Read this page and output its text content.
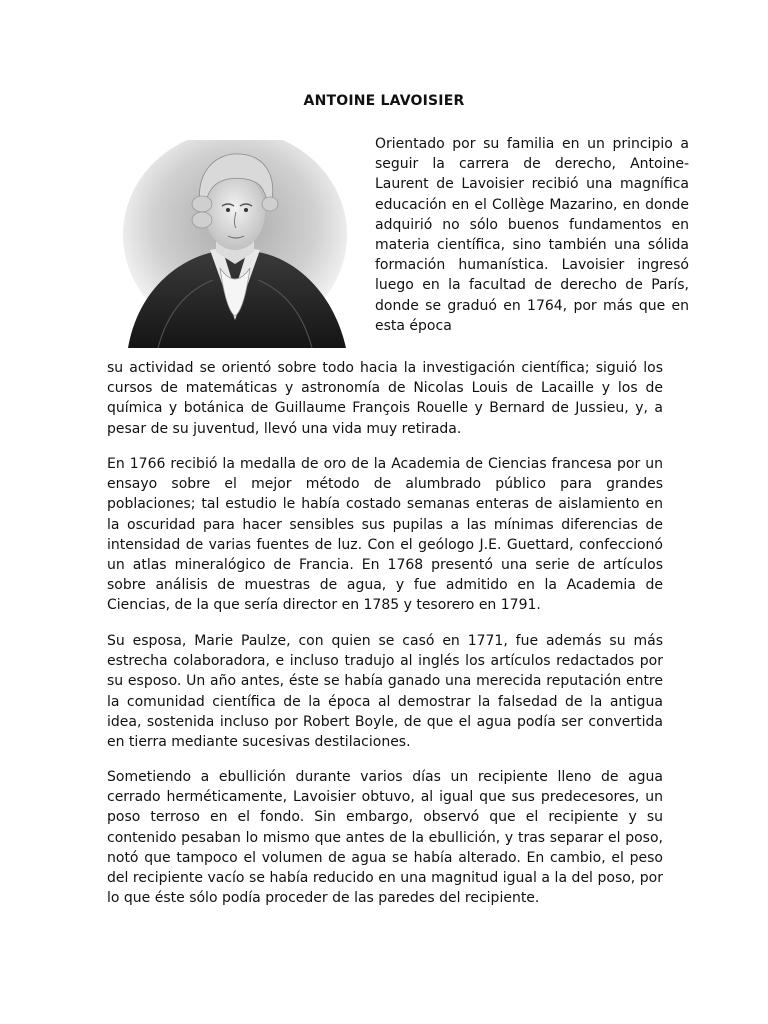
ANTOINE LAVOISIER
Orientado por su familia en un principio a seguir la carrera de derecho, Antoine-Laurent de Lavoisier recibió una magnífica educación en el Collège Mazarino, en donde adquirió no sólo buenos fundamentos en materia científica, sino también una sólida formación humanística. Lavoisier ingresó luego en la facultad de derecho de París, donde se graduó en 1764, por más que en esta época
su actividad se orientó sobre todo hacia la investigación científica; siguió los cursos de matemáticas y astronomía de Nicolas Louis de Lacaille y los de química y botánica de Guillaume François Rouelle y Bernard de Jussieu, y, a pesar de su juventud, llevó una vida muy retirada.
En 1766 recibió la medalla de oro de la Academia de Ciencias francesa por un ensayo sobre el mejor método de alumbrado público para grandes poblaciones; tal estudio le había costado semanas enteras de aislamiento en la oscuridad para hacer sensibles sus pupilas a las mínimas diferencias de intensidad de varias fuentes de luz. Con el geólogo J.E. Guettard, confeccionó un atlas mineralógico de Francia. En 1768 presentó una serie de artículos sobre análisis de muestras de agua, y fue admitido en la Academia de Ciencias, de la que sería director en 1785 y tesorero en 1791.
Su esposa, Marie Paulze, con quien se casó en 1771, fue además su más estrecha colaboradora, e incluso tradujo al inglés los artículos redactados por su esposo. Un año antes, éste se había ganado una merecida reputación entre la comunidad científica de la época al demostrar la falsedad de la antigua idea, sostenida incluso por Robert Boyle, de que el agua podía ser convertida en tierra mediante sucesivas destilaciones.
Sometiendo a ebullición durante varios días un recipiente lleno de agua cerrado herméticamente, Lavoisier obtuvo, al igual que sus predecesores, un poso terroso en el fondo. Sin embargo, observó que el recipiente y su contenido pesaban lo mismo que antes de la ebullición, y tras separar el poso, notó que tampoco el volumen de agua se había alterado. En cambio, el peso del recipiente vacío se había reducido en una magnitud igual a la del poso, por lo que éste sólo podía proceder de las paredes del recipiente.
